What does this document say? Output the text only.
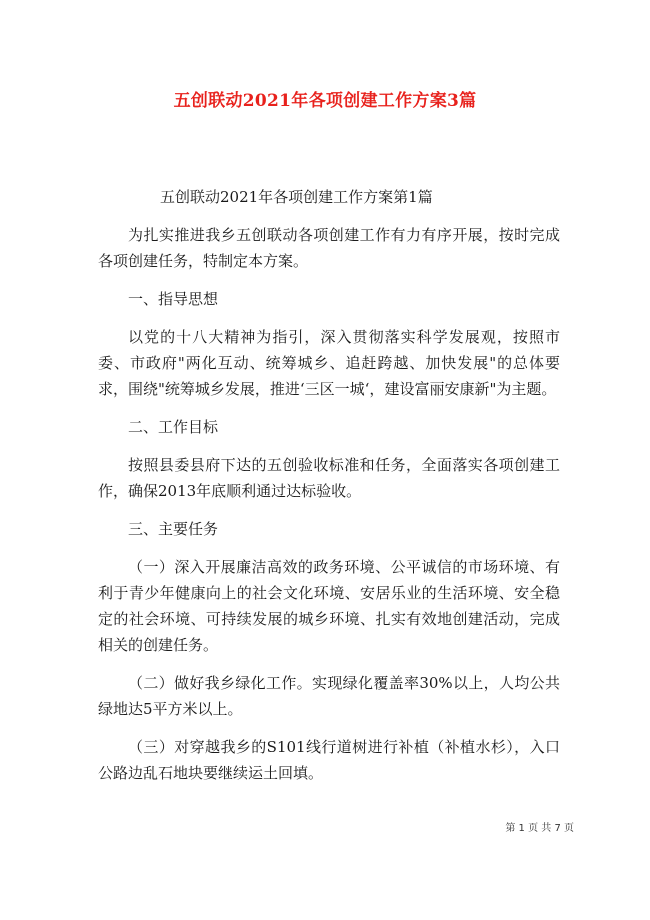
五创联动2021年各项创建工作方案3篇

五创联动2021年各项创建工作方案第1篇

为扎实推进我乡五创联动各项创建工作有力有序开展，按时完成各项创建任务，特制定本方案。

一、指导思想

以党的十八大精神为指引，深入贯彻落实科学发展观，按照市委、市政府"两化互动、统筹城乡、追赶跨越、加快发展"的总体要求，围绕"统筹城乡发展，推进‘三区一城‘，建设富丽安康新"为主题。

二、工作目标

按照县委县府下达的五创验收标准和任务，全面落实各项创建工作，确保2013年底顺利通过达标验收。

三、主要任务

（一）深入开展廉洁高效的政务环境、公平诚信的市场环境、有利于青少年健康向上的社会文化环境、安居乐业的生活环境、安全稳定的社会环境、可持续发展的城乡环境、扎实有效地创建活动，完成相关的创建任务。

（二）做好我乡绿化工作。实现绿化覆盖率30%以上，人均公共绿地达5平方米以上。

（三）对穿越我乡的S101线行道树进行补植（补植水杉），入口公路边乱石地块要继续运土回填。

第 1 页 共 7 页
